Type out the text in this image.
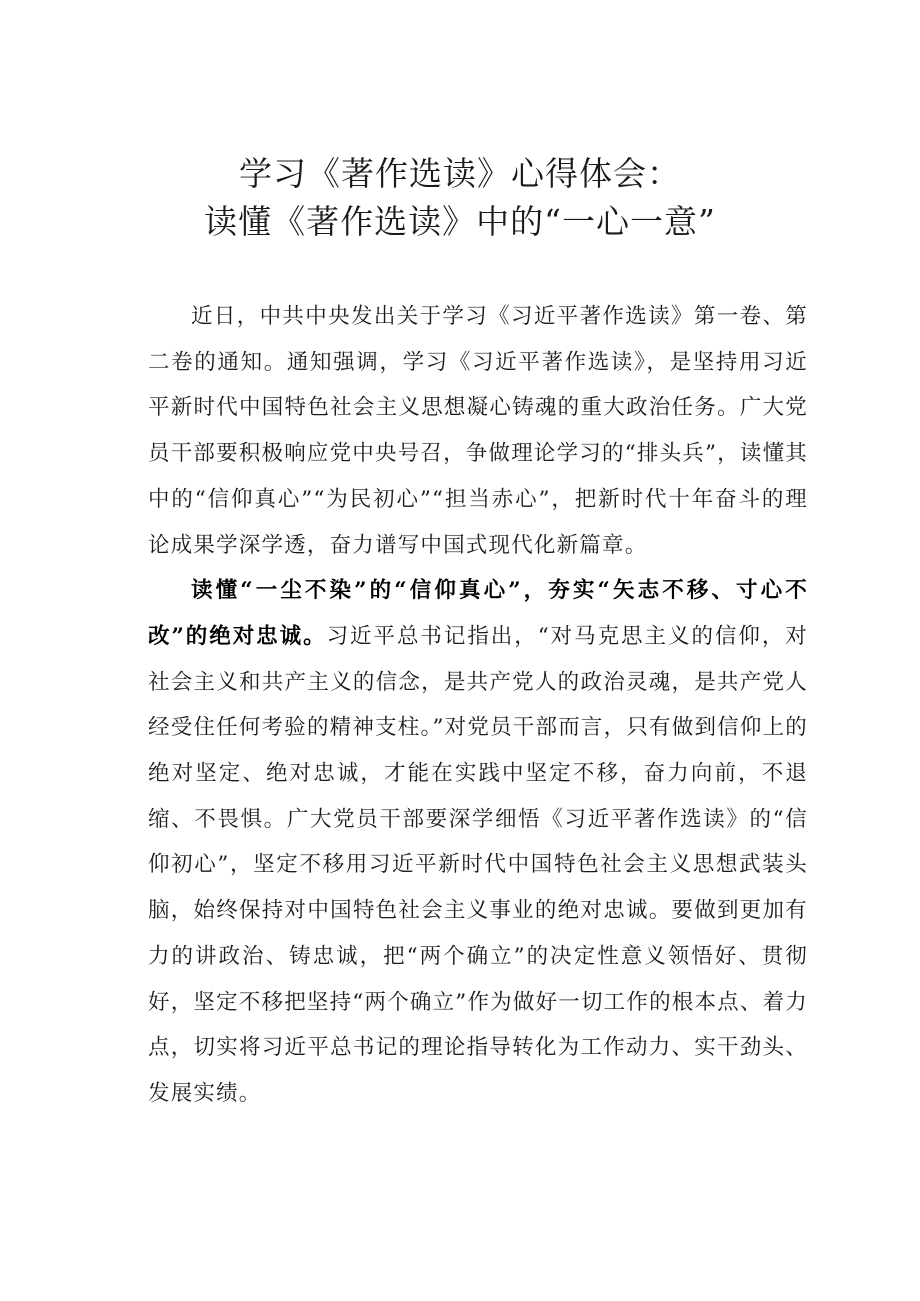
学习《著作选读》心得体会：
读懂《著作选读》中的“一心一意”

近日，中共中央发出关于学习《习近平著作选读》第一卷、第二卷的通知。通知强调，学习《习近平著作选读》，是坚持用习近平新时代中国特色社会主义思想凝心铸魂的重大政治任务。广大党员干部要积极响应党中央号召，争做理论学习的“排头兵”，读懂其中的“信仰真心”“为民初心”“担当赤心”，把新时代十年奋斗的理论成果学深学透，奋力谱写中国式现代化新篇章。

读懂“一尘不染”的“信仰真心”，夯实“矢志不移、寸心不改”的绝对忠诚。习近平总书记指出，“对马克思主义的信仰，对社会主义和共产主义的信念，是共产党人的政治灵魂，是共产党人经受住任何考验的精神支柱。”对党员干部而言，只有做到信仰上的绝对坚定、绝对忠诚，才能在实践中坚定不移，奋力向前，不退缩、不畏惧。广大党员干部要深学细悟《习近平著作选读》的“信仰初心”，坚定不移用习近平新时代中国特色社会主义思想武装头脑，始终保持对中国特色社会主义事业的绝对忠诚。要做到更加有力的讲政治、铸忠诚，把“两个确立”的决定性意义领悟好、贯彻好，坚定不移把坚持“两个确立”作为做好一切工作的根本点、着力点，切实将习近平总书记的理论指导转化为工作动力、实干劲头、发展实绩。
